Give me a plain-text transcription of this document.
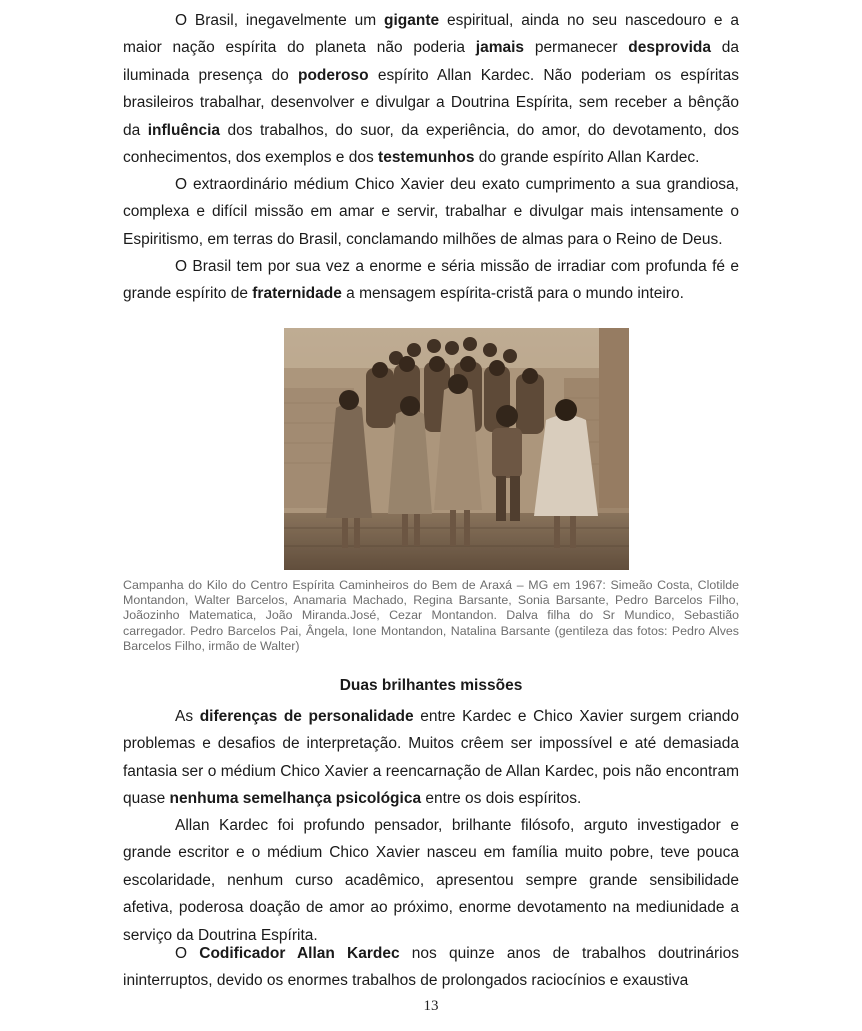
O Brasil, inegavelmente um gigante espiritual, ainda no seu nascedouro e a maior nação espírita do planeta não poderia jamais permanecer desprovida da iluminada presença do poderoso espírito Allan Kardec. Não poderiam os espíritas brasileiros trabalhar, desenvolver e divulgar a Doutrina Espírita, sem receber a bênção da influência dos trabalhos, do suor, da experiência, do amor, do devotamento, dos conhecimentos, dos exemplos e dos testemunhos do grande espírito Allan Kardec.

O extraordinário médium Chico Xavier deu exato cumprimento a sua grandiosa, complexa e difícil missão em amar e servir, trabalhar e divulgar mais intensamente o Espiritismo, em terras do Brasil, conclamando milhões de almas para o Reino de Deus.

O Brasil tem por sua vez a enorme e séria missão de irradiar com profunda fé e grande espírito de fraternidade a mensagem espírita-cristã para o mundo inteiro.

Campanha do Kilo do Centro Espírita Caminheiros do Bem de Araxá – MG em 1967: Simeão Costa, Clotilde Montandon, Walter Barcelos, Anamaria Machado, Regina Barsante, Sonia Barsante, Pedro Barcelos Filho, Joãozinho Matematica, João Miranda.José, Cezar Montandon. Dalva filha do Sr Mundico, Sebastião carregador. Pedro Barcelos Pai, Ângela, Ione Montandon, Natalina Barsante (gentileza das fotos: Pedro Alves Barcelos Filho, irmão de Walter)

Duas brilhantes missões

As diferenças de personalidade entre Kardec e Chico Xavier surgem criando problemas e desafios de interpretação. Muitos crêem ser impossível e até demasiada fantasia ser o médium Chico Xavier a reencarnação de Allan Kardec, pois não encontram quase nenhuma semelhança psicológica entre os dois espíritos.

Allan Kardec foi profundo pensador, brilhante filósofo, arguto investigador e grande escritor e o médium Chico Xavier nasceu em família muito pobre, teve pouca escolaridade, nenhum curso acadêmico, apresentou sempre grande sensibilidade afetiva, poderosa doação de amor ao próximo, enorme devotamento na mediunidade a serviço da Doutrina Espírita.

O Codificador Allan Kardec nos quinze anos de trabalhos doutrinários ininterruptos, devido os enormes trabalhos de prolongados raciocínios e exaustiva

13
